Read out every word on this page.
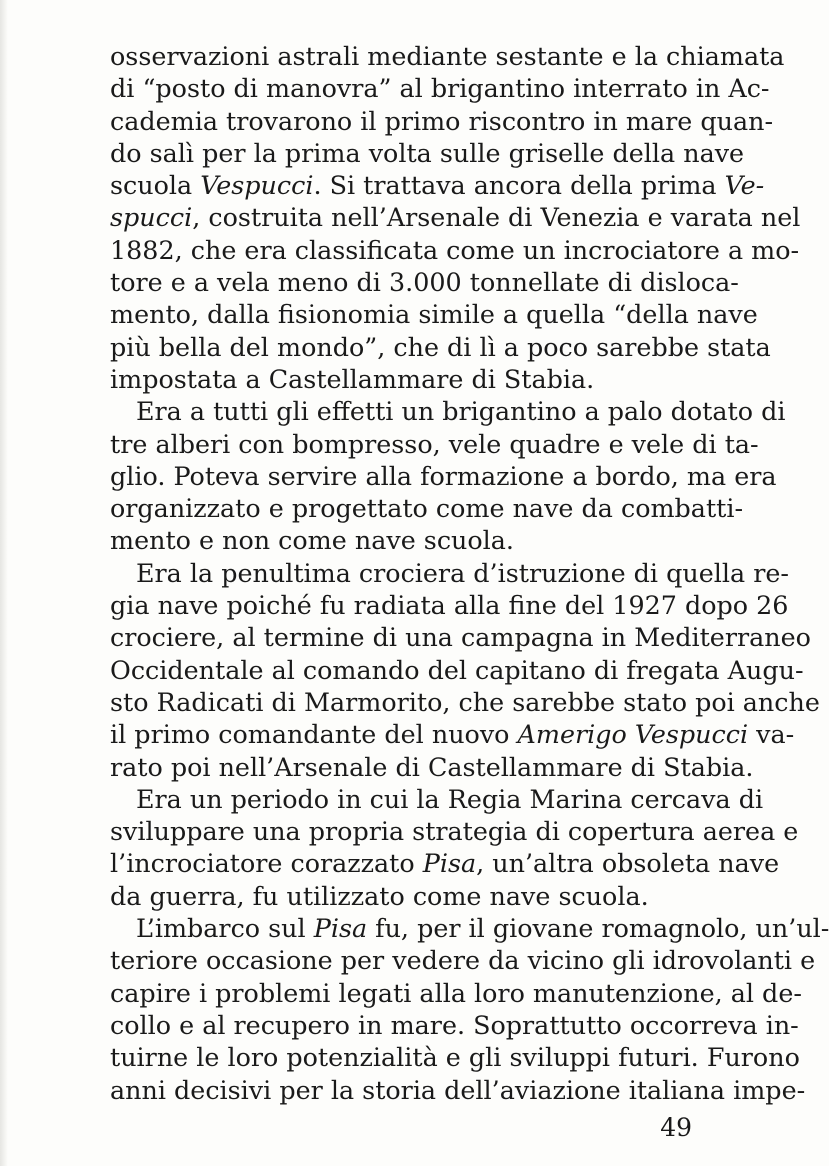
osservazioni astrali mediante sestante e la chiamata
di “posto di manovra” al brigantino interrato in Ac-
cademia trovarono il primo riscontro in mare quan-
do salì per la prima volta sulle griselle della nave
scuola Vespucci. Si trattava ancora della prima Ve-
spucci, costruita nell’Arsenale di Venezia e varata nel
1882, che era classificata come un incrociatore a mo-
tore e a vela meno di 3.000 tonnellate di disloca-
mento, dalla fisionomia simile a quella “della nave
più bella del mondo”, che di lì a poco sarebbe stata
impostata a Castellammare di Stabia.
Era a tutti gli effetti un brigantino a palo dotato di
tre alberi con bompresso, vele quadre e vele di ta-
glio. Poteva servire alla formazione a bordo, ma era
organizzato e progettato come nave da combatti-
mento e non come nave scuola.
Era la penultima crociera d’istruzione di quella re-
gia nave poiché fu radiata alla fine del 1927 dopo 26
crociere, al termine di una campagna in Mediterraneo
Occidentale al comando del capitano di fregata Augu-
sto Radicati di Marmorito, che sarebbe stato poi anche
il primo comandante del nuovo Amerigo Vespucci va-
rato poi nell’Arsenale di Castellammare di Stabia.
Era un periodo in cui la Regia Marina cercava di
sviluppare una propria strategia di copertura aerea e
l’incrociatore corazzato Pisa, un’altra obsoleta nave
da guerra, fu utilizzato come nave scuola.
L’imbarco sul Pisa fu, per il giovane romagnolo, un’ul-
teriore occasione per vedere da vicino gli idrovolanti e
capire i problemi legati alla loro manutenzione, al de-
collo e al recupero in mare. Soprattutto occorreva in-
tuirne le loro potenzialità e gli sviluppi futuri. Furono
anni decisivi per la storia dell’aviazione italiana impe-
49
